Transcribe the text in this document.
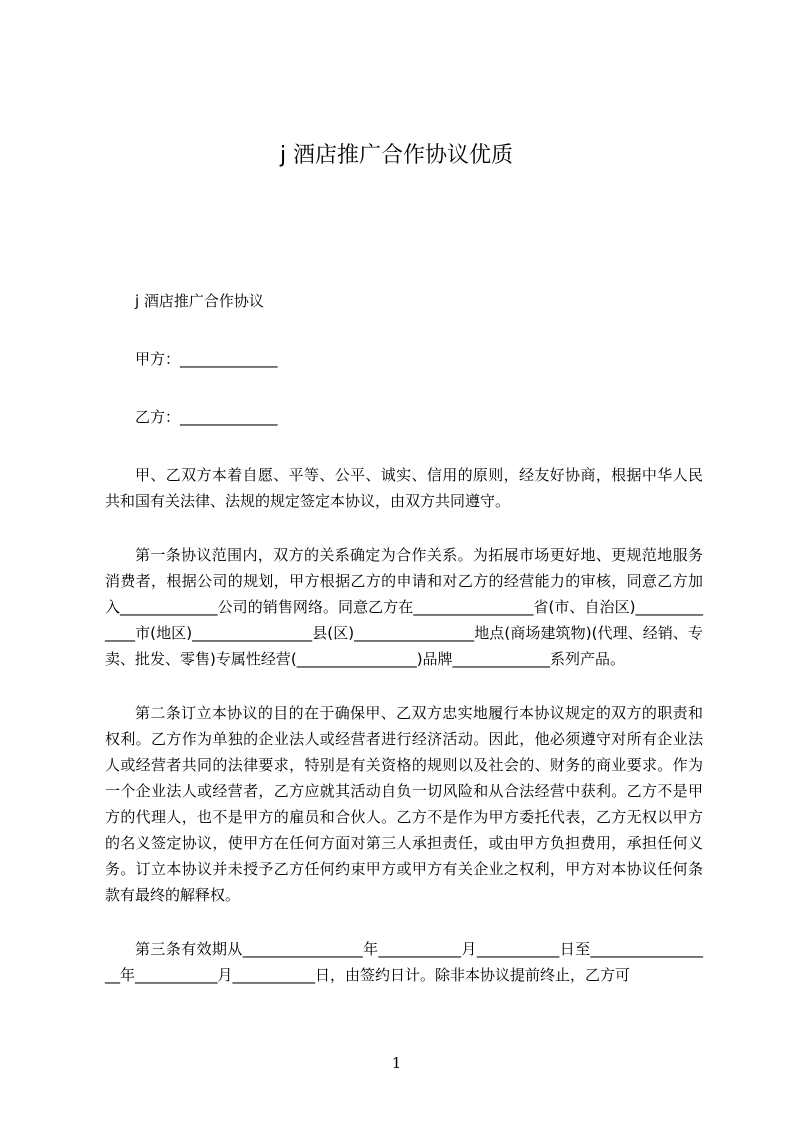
j 酒店推广合作协议优质

j 酒店推广合作协议

甲方：_____________

乙方：_____________

甲、乙双方本着自愿、平等、公平、诚实、信用的原则，经友好协商，根据中华人民共和国有关法律、法规的规定签定本协议，由双方共同遵守。

第一条协议范围内，双方的关系确定为合作关系。为拓展市场更好地、更规范地服务消费者，根据公司的规划，甲方根据乙方的申请和对乙方的经营能力的审核，同意乙方加入_____________公司的销售网络。同意乙方在________________省(市、自治区)_____________市(地区)________________县(区)________________地点(商场建筑物)(代理、经销、专卖、批发、零售)专属性经营(________________)品牌_____________系列产品。

第二条订立本协议的目的在于确保甲、乙双方忠实地履行本协议规定的双方的职责和权利。乙方作为单独的企业法人或经营者进行经济活动。因此，他必须遵守对所有企业法人或经营者共同的法律要求，特别是有关资格的规则以及社会的、财务的商业要求。作为一个企业法人或经营者，乙方应就其活动自负一切风险和从合法经营中获利。乙方不是甲方的代理人，也不是甲方的雇员和合伙人。乙方不是作为甲方委托代表，乙方无权以甲方的名义签定协议，使甲方在任何方面对第三人承担责任，或由甲方负担费用，承担任何义务。订立本协议并未授予乙方任何约束甲方或甲方有关企业之权利，甲方对本协议任何条款有最终的解释权。

第三条有效期从________________年___________月___________日至_________________年___________月___________日，由签约日计。除非本协议提前终止，乙方可

1
